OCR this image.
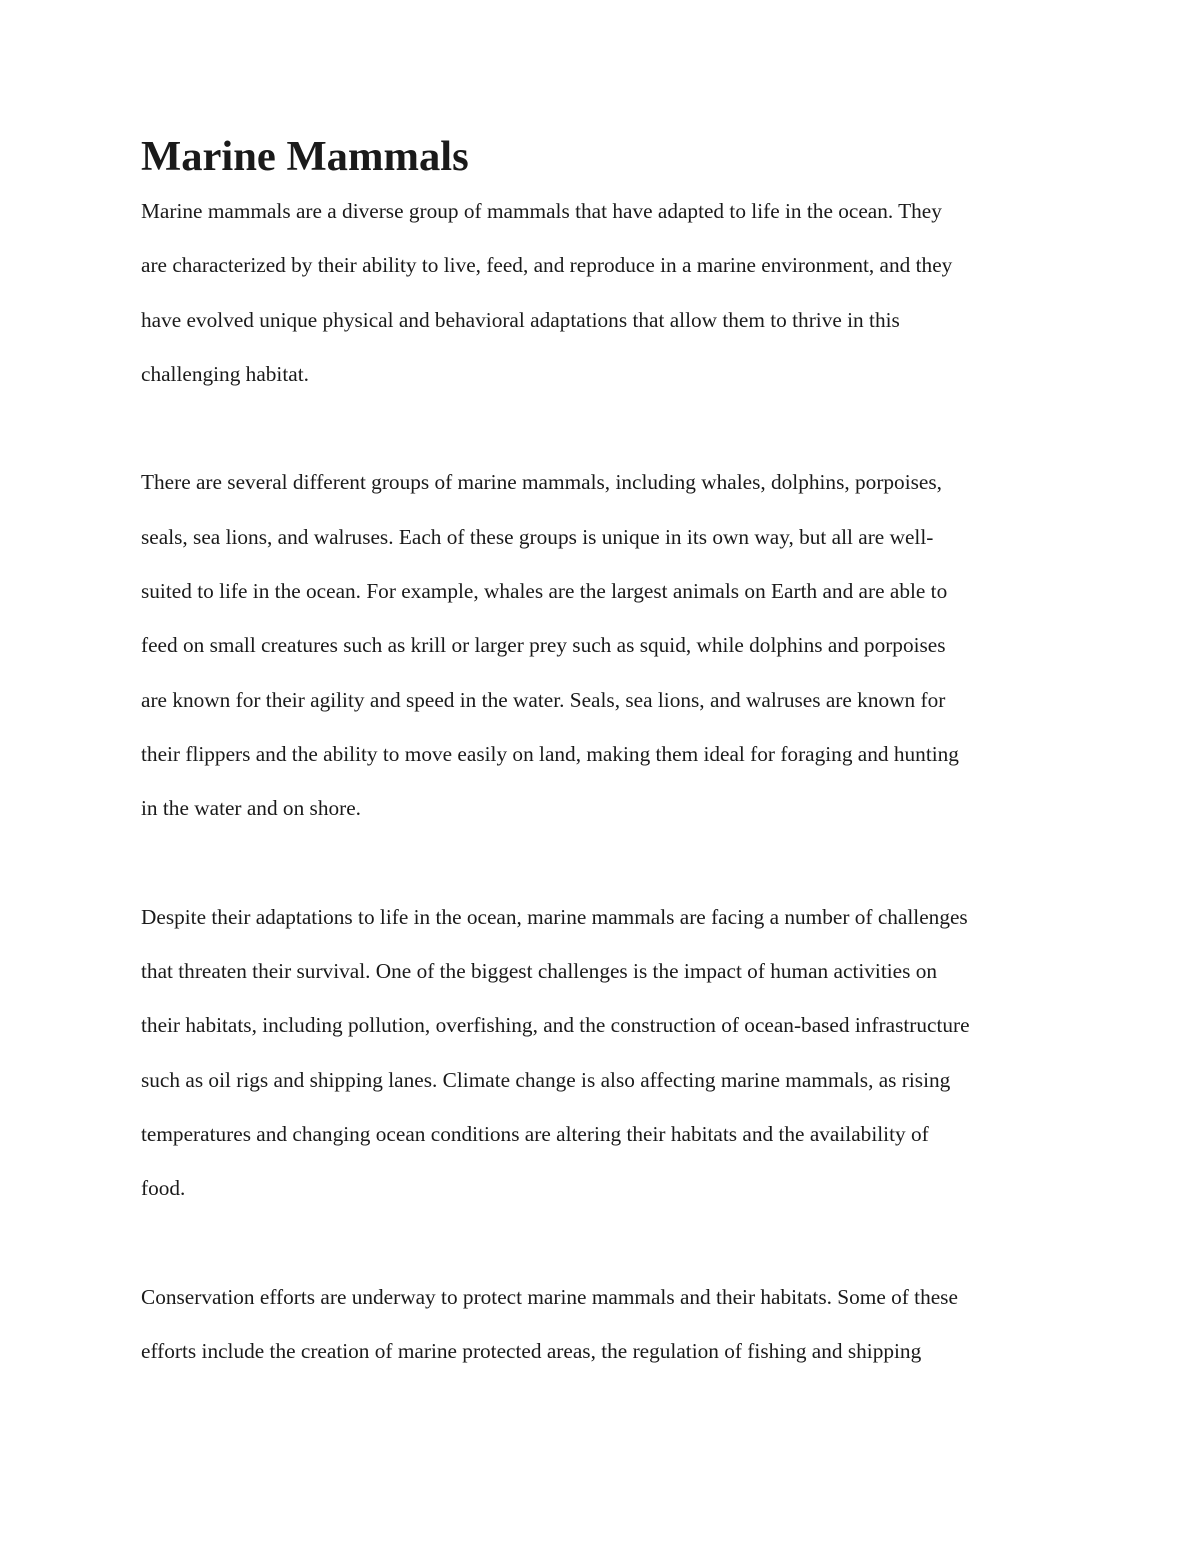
Marine Mammals
Marine mammals are a diverse group of mammals that have adapted to life in the ocean. They
are characterized by their ability to live, feed, and reproduce in a marine environment, and they
have evolved unique physical and behavioral adaptations that allow them to thrive in this
challenging habitat.
There are several different groups of marine mammals, including whales, dolphins, porpoises,
seals, sea lions, and walruses. Each of these groups is unique in its own way, but all are well-
suited to life in the ocean. For example, whales are the largest animals on Earth and are able to
feed on small creatures such as krill or larger prey such as squid, while dolphins and porpoises
are known for their agility and speed in the water. Seals, sea lions, and walruses are known for
their flippers and the ability to move easily on land, making them ideal for foraging and hunting
in the water and on shore.
Despite their adaptations to life in the ocean, marine mammals are facing a number of challenges
that threaten their survival. One of the biggest challenges is the impact of human activities on
their habitats, including pollution, overfishing, and the construction of ocean-based infrastructure
such as oil rigs and shipping lanes. Climate change is also affecting marine mammals, as rising
temperatures and changing ocean conditions are altering their habitats and the availability of
food.
Conservation efforts are underway to protect marine mammals and their habitats. Some of these
efforts include the creation of marine protected areas, the regulation of fishing and shipping
